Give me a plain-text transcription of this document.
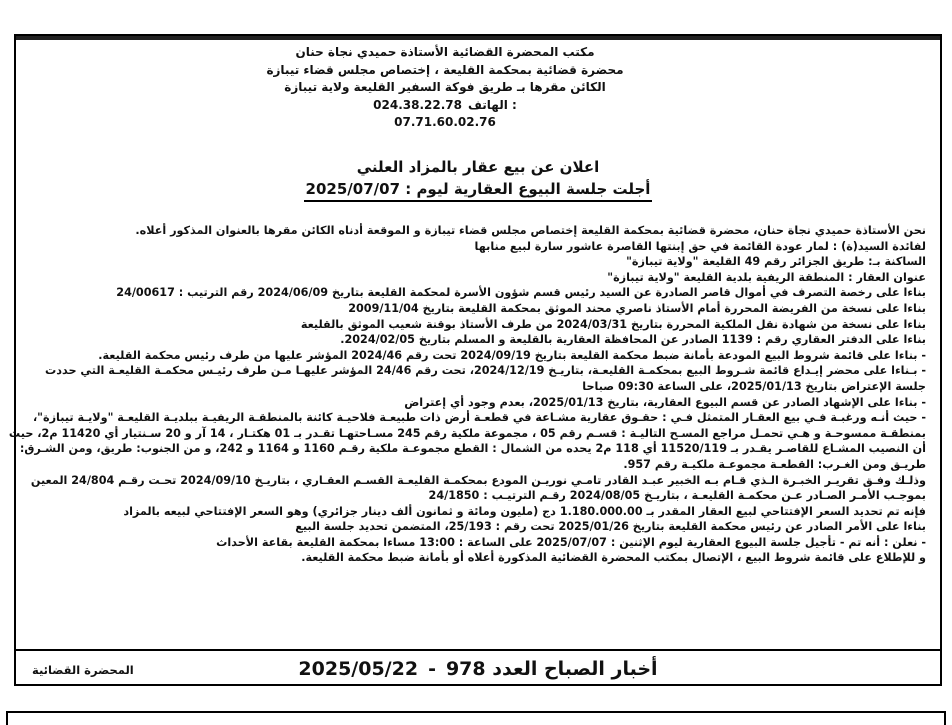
مكتب المحضرة القضائية الأستاذة حميدي نجاة حنان
محضرة قضائية بمحكمة القليعة ، إختصاص مجلس قضاء تيبازة
الكائن مقرها بـ طريق فوكة السفير القليعة ولاية تيبازة
024.38.22.78 الهاتف :
07.71.60.02.76
اعلان عن بيع عقار بالمزاد العلني
أجلت جلسة البيوع العقارية ليوم : 2025/07/07

نحن الأستاذة حميدي نجاة حنان، محضرة قضائية بمحكمة القليعة إختصاص مجلس قضاء تيبازة و الموقعة أدناه الكائن مقرها بالعنوان المذكور أعلاه.

لفائدة السيد(ة) : لمار عودة القائمة في حق إبنتها القاصرة عاشور سارة لبيع منابها

الساكنة بـ: طريق الجزائر رقم 49 القليعة "ولاية تيبازة"

عنوان العقار : المنطقة الريفية بلدية القليعة "ولاية تيبازة"

بناءا على رخصة التصرف في أموال قاصر الصادرة عن السيد رئيس قسم شؤون الأسرة لمحكمة القليعة بتاريخ 2024/06/09 رقم الترتيب : 24/00617

بناءا على نسخة من الفريضة المحررة أمام الأستاذ ناصري محند الموثق بمحكمة القليعة بتاريخ 2009/11/04

بناءا على نسخة من شهادة نقل الملكية المحررة بتاريخ 2024/03/31 من طرف الأستاذ بوقنة شعيب الموثق بالقليعة

بناءا على الدفتر العقاري رقم : 1139 الصادر عن المحافظة العقارية بالقليعة و المسلم بتاريخ 2024/02/05.

- بناءا على قائمة شروط البيع المودعة بأمانة ضبط محكمة القليعة بتاريخ 2024/09/19 تحت رقم 2024/46 المؤشر عليها من طرف رئيس محكمة القليعة.

- بـناءا على محضر إيـداع قائمة شـروط البيع بمحكمـة القليعـة، بتاريـخ 2024/12/19، تحت رقم 24/46 المؤشر عليهـا مـن طرف رئيـس محكمـة القليعـة التي حددت

جلسة الإعتراض بتاريخ 2025/01/13، على الساعة 09:30 صباحا

- بناءا على الإشهاد الصادر عن قسم البيوع العقارية، بتاريخ 2025/01/13، بعدم وجود أي إعتراض

- حيث أنـه ورغبـة فـي بيع العقـار المتمثل فـي : حقـوق عقارية مشـاعة في قطعـة أرض ذات طبيعـة فلاحيـة كائنة بالمنطقـة الريفيـة ببلديـة القليعـة "ولايـة تيبازة"،

بمنطقـة ممسوحـة و هـي تحمـل مراجع المسـح التاليـة : قسـم رقم 05 ، مجموعة ملكية رقم 245 مسـاحتهـا تقـدر بـ 01 هكتـار ، 14 آر و 20 سـنتيار أي 11420 م2، حيث

أن النصيب المشـاع للقاصـر يقـدر بـ 11520/119 أي 118 م2 يحده من الشمال : القطع مجموعـة ملكية رقـم 1160 و 1164 و 242، و من الجنوب: طريق، ومن الشـرق:

طريـق ومن الغـرب: القطعـة مجموعـة ملكيـة رقم 957.

وذلـك وفـق تقريـر الخبـرة الـذي قـام بـه الخبير عبـد القادر تامـي نوريـن المودع بمحكمـة القليعـة القسـم العقـاري ، بتاريـخ 2024/09/10 تحـت رقـم 24/804 المعين

بموجـب الأمـر الصـادر عـن محكمـة القليعـة ، بتاريـخ 2024/08/05 رقـم الترتيـب : 24/1850

فإنه تم تحديد السعر الإفتتاحي لبيع العقار المقدر بـ 1.180.000.00 دج (مليون ومائة و ثمانون ألف دينار جزائري) وهو السعر الإفتتاحي لبيعه بالمزاد

بناءا على الأمر الصادر عن رئيس محكمة القليعة بتاريخ 2025/01/26 تحت رقم : 25/193، المتضمن تحديد جلسة البيع

- نعلن : أنه تم - تأجيل جلسة البيوع العقارية ليوم الإثنين : 2025/07/07 على الساعة : 13:00 مساءا بمحكمة القليعة بقاعة الأحداث

و للإطلاع على قائمة شروط البيع ، الإتصال بمكتب المحضرة القضائية المذكورة أعلاه أو بأمانة ضبط محكمة القليعة.

المحضرة القضائية	2025/05/22 - أخبار الصباح العدد 978
